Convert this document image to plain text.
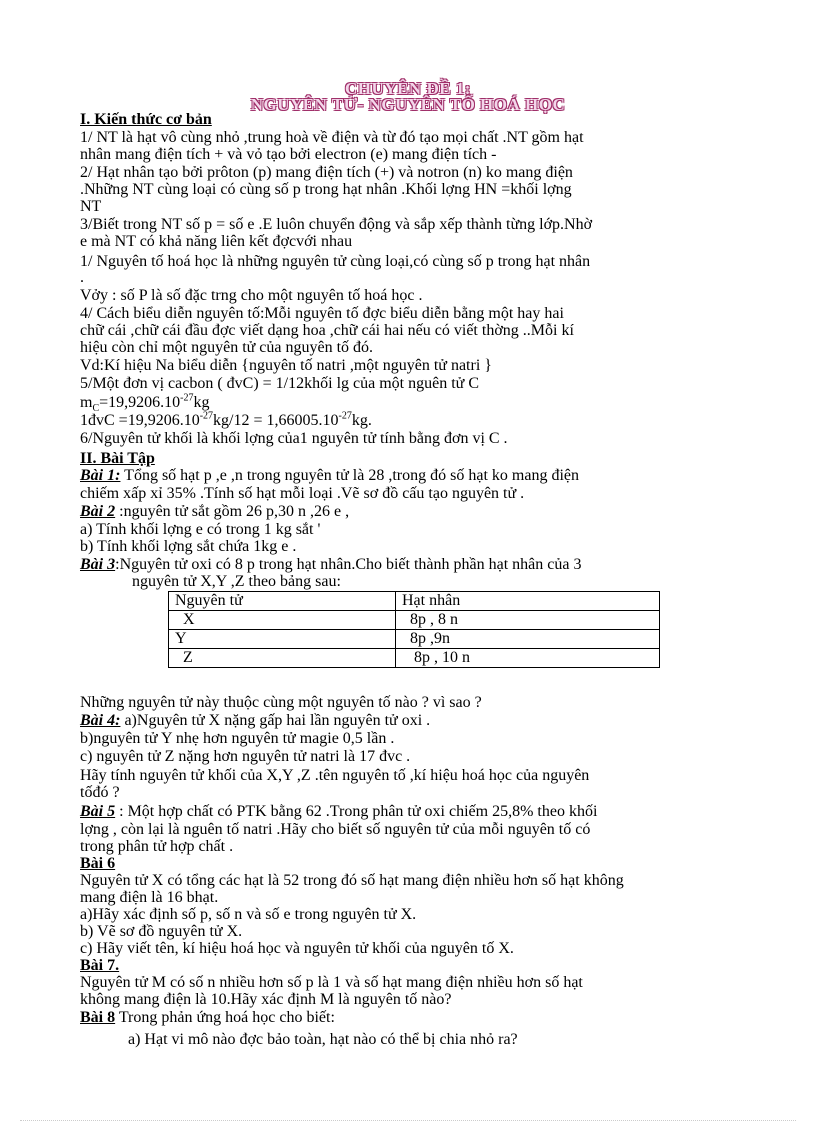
CHUYÊN ĐỀ 1:
NGUYÊN TỬ- NGUYÊN TỐ HOÁ HỌC
I. Kiến thức cơ bản
1/ NT là hạt vô cùng nhỏ ,trung hoà về điện và từ đó tạo mọi chất .NT gồm hạt
nhân mang điện tích + và vỏ tạo bởi electron (e) mang điện tích -
2/ Hạt nhân tạo bởi prôton (p) mang điện tích (+) và notron (n) ko mang điện
.Những NT cùng loại có cùng số p trong hạt nhân .Khối lợng HN =khối lợng
NT
3/Biết trong NT số p = số e .E luôn chuyển động và sắp xếp thành từng lớp.Nhờ
e mà NT có khả năng liên kết đợcvới nhau
1/ Nguyên tố hoá học là những nguyên tử cùng loại,có cùng số p trong hạt nhân
.
Vởy : số P là số đặc trng cho một nguyên tố hoá học .
4/ Cách biểu diễn nguyên tố:Mỗi nguyên tố đợc biểu diễn bằng một hay hai
chữ cái ,chữ cái đầu đợc viết dạng hoa ,chữ cái hai nếu có viết thờng ..Mỗi kí
hiệu còn chỉ một nguyên tử của nguyên tố đó.
Vd:Kí hiệu Na biểu diễn {nguyên tố natri ,một nguyên tử natri }
5/Một đơn vị cacbon ( đvC) = 1/12khối lg của một nguên tử C
$m_C=19,9206.10^{-27}kg$
1đvC $=19,9206.10^{-27}kg/12 = 1,66005.10^{-27}kg$.
6/Nguyên tử khối là khối lợng của1 nguyên tử tính bằng đơn vị C .
II. Bài Tập
Bài 1: Tổng số hạt p ,e ,n trong nguyên tử là 28 ,trong đó số hạt ko mang điện
chiếm xấp xỉ 35% .Tính số hạt mỗi loại .Vẽ sơ đồ cấu tạo nguyên tử .
Bài 2 :nguyên tử sắt gồm 26 p,30 n ,26 e ,
a) Tính khối lợng e có trong 1 kg sắt '
b) Tính khối lợng sắt chứa 1kg e .
Bài 3:Nguyên tử oxi có 8 p trong hạt nhân.Cho biết thành phần hạt nhân của 3
nguyên tử X,Y ,Z theo bảng sau:
Nguyên tử	Hạt nhân
X	8p , 8 n
Y	8p ,9n
Z	8p , 10 n
Những nguyên tử này thuộc cùng một nguyên tố nào ? vì sao ?
Bài 4: a)Nguyên tử X nặng gấp hai lần nguyên tử oxi .
b)nguyên tử Y nhẹ hơn nguyên tử magie 0,5 lần .
c) nguyên tử Z nặng hơn nguyên tử natri là 17 đvc .
Hãy tính nguyên tử khối của X,Y ,Z .tên nguyên tố ,kí hiệu hoá học của nguyên
tốđó ?
Bài 5 : Một hợp chất có PTK bằng 62 .Trong phân tử oxi chiếm 25,8% theo khối
lợng , còn lại là nguên tố natri .Hãy cho biết số nguyên tử của mỗi nguyên tố có
trong phân tử hợp chất .
Bài 6
Nguyên tử X có tổng các hạt là 52 trong đó số hạt mang điện nhiều hơn số hạt không
mang điện là 16 bhạt.
a)Hãy xác định số p, số n và số e trong nguyên tử X.
b) Vẽ sơ đồ nguyên tử X.
c) Hãy viết tên, kí hiệu hoá học và nguyên tử khối của nguyên tố X.
Bài 7.
Nguyên tử M có số n nhiều hơn số p là 1 và số hạt mang điện nhiều hơn số hạt
không mang điện là 10.Hãy xác định M là nguyên tố nào?
Bài 8 Trong phản ứng hoá học cho biết:
a) Hạt vi mô nào đợc bảo toàn, hạt nào có thể bị chia nhỏ ra?
